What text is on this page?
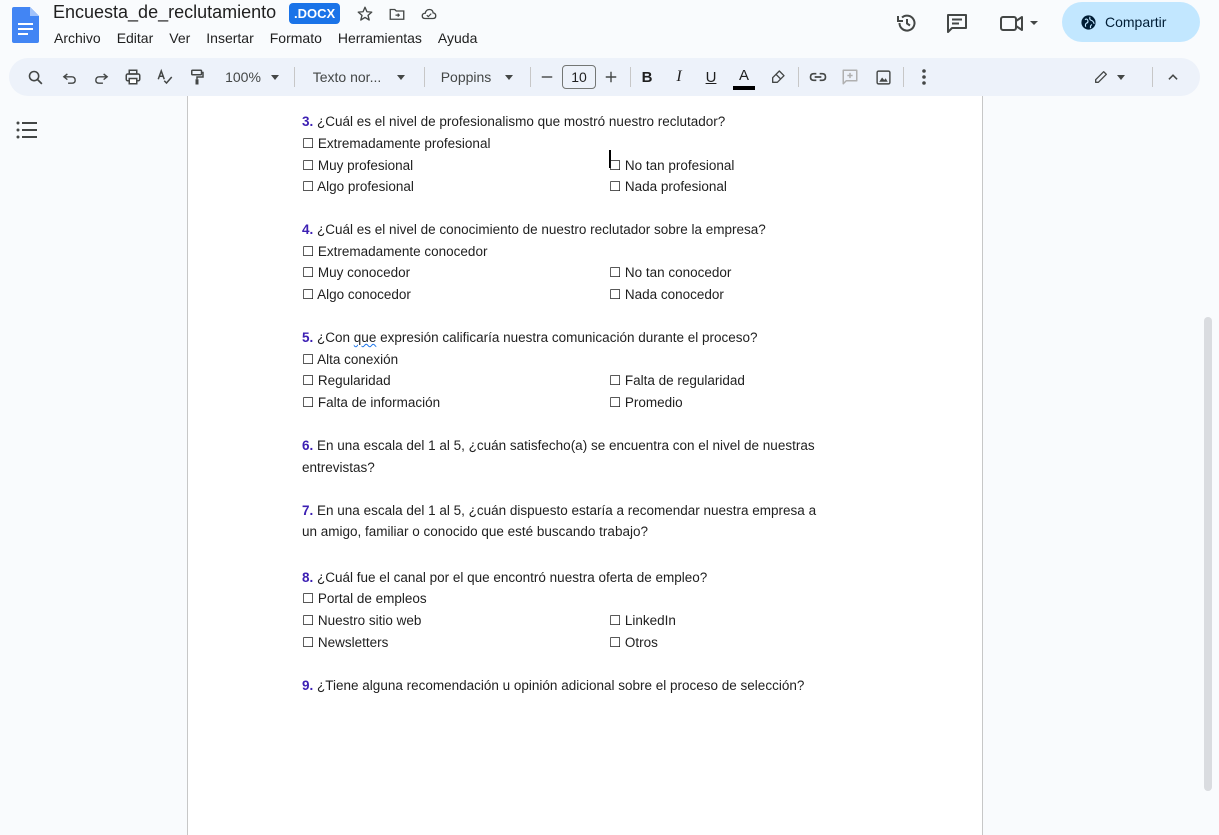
Encuesta_de_reclutamiento	.DOCX
Archivo	Editar	Ver	Insertar	Formato	Herramientas	Ayuda
Compartir
100%	Texto nor...	Poppins	10	B	I	U	A
3. ¿Cuál es el nivel de profesionalismo que mostró nuestro reclutador?
☐ Extremadamente profesional
☐ Muy profesional	☐ No tan profesional
☐ Algo profesional	☐ Nada profesional
4. ¿Cuál es el nivel de conocimiento de nuestro reclutador sobre la empresa?
☐ Extremadamente conocedor
☐ Muy conocedor	☐ No tan conocedor
☐ Algo conocedor	☐ Nada conocedor
5. ¿Con que expresión calificaría nuestra comunicación durante el proceso?
☐ Alta conexión
☐ Regularidad	☐ Falta de regularidad
☐ Falta de información	☐ Promedio
6. En una escala del 1 al 5, ¿cuán satisfecho(a) se encuentra con el nivel de nuestras
entrevistas?
7. En una escala del 1 al 5, ¿cuán dispuesto estaría a recomendar nuestra empresa a
un amigo, familiar o conocido que esté buscando trabajo?
8. ¿Cuál fue el canal por el que encontró nuestra oferta de empleo?
☐ Portal de empleos
☐ Nuestro sitio web	☐ LinkedIn
☐ Newsletters	☐ Otros
9. ¿Tiene alguna recomendación u opinión adicional sobre el proceso de selección?
